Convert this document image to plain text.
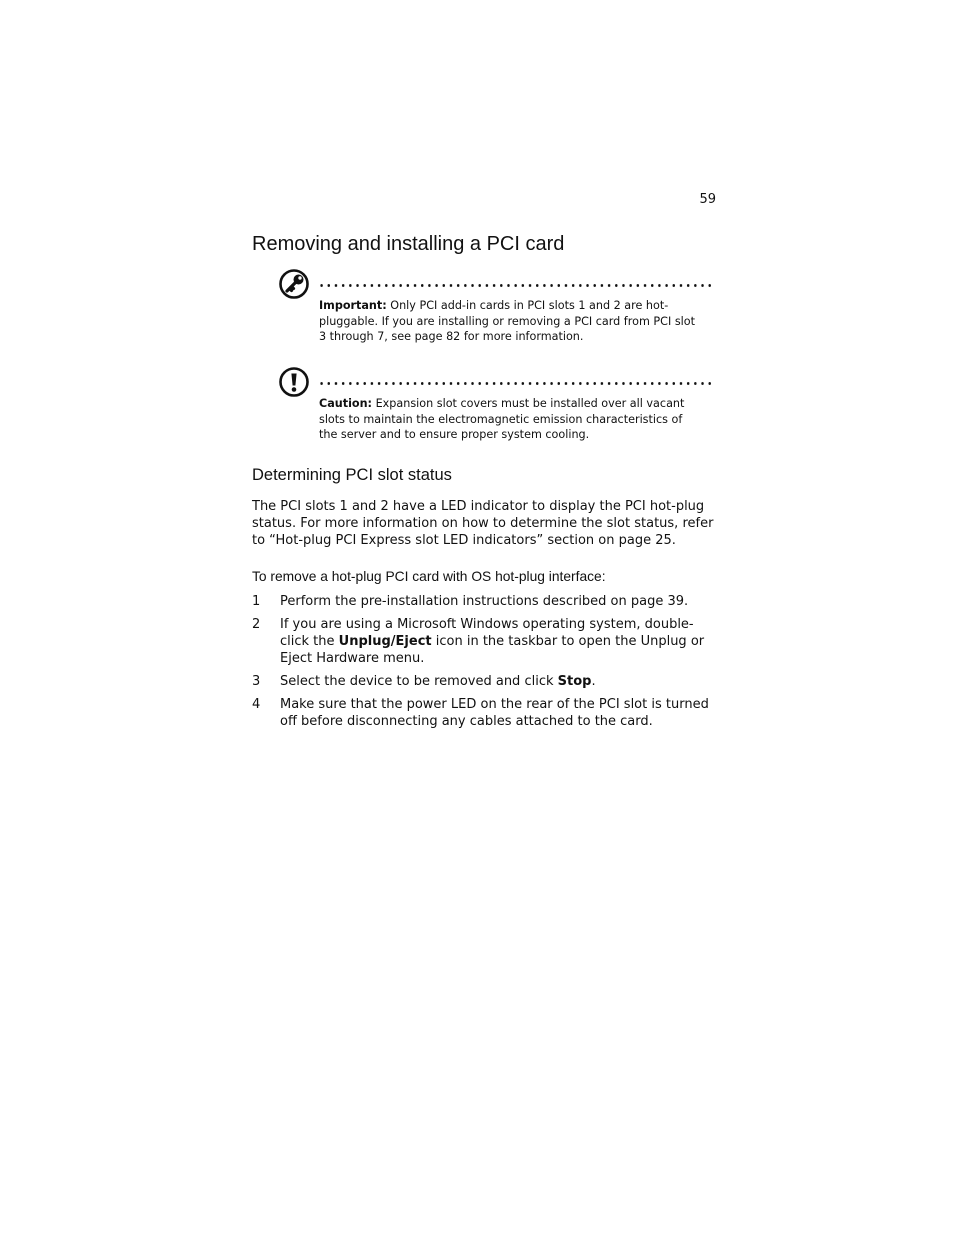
59
Removing and installing a PCI card

Important: Only PCI add-in cards in PCI slots 1 and 2 are hot-pluggable. If you are installing or removing a PCI card from PCI slot 3 through 7, see page 82 for more information.

Caution: Expansion slot covers must be installed over all vacant slots to maintain the electromagnetic emission characteristics of the server and to ensure proper system cooling.

Determining PCI slot status

The PCI slots 1 and 2 have a LED indicator to display the PCI hot-plug status. For more information on how to determine the slot status, refer to “Hot-plug PCI Express slot LED indicators” section on page 25.

To remove a hot-plug PCI card with OS hot-plug interface:

1 Perform the pre-installation instructions described on page 39.
2 If you are using a Microsoft Windows operating system, double-click the Unplug/Eject icon in the taskbar to open the Unplug or Eject Hardware menu.
3 Select the device to be removed and click Stop.
4 Make sure that the power LED on the rear of the PCI slot is turned off before disconnecting any cables attached to the card.
